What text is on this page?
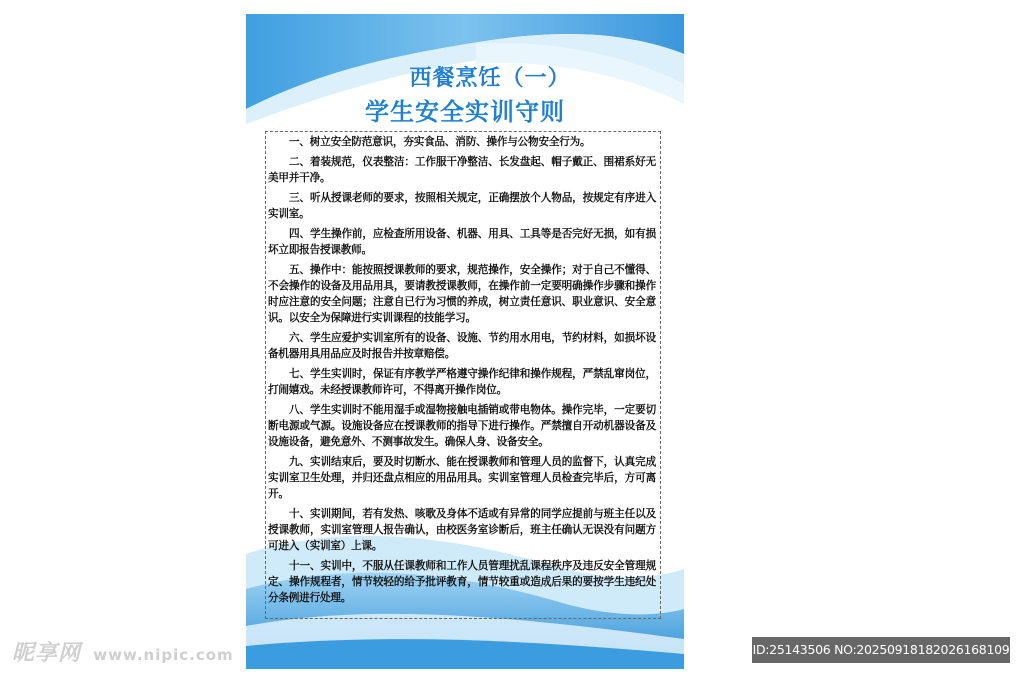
西餐烹饪（一）
学生安全实训守则

一、树立安全防范意识，夯实食品、消防、操作与公物安全行为。

二、着装规范，仪表整洁：工作服干净整洁、长发盘起、帽子戴正、围裙系好无美甲并干净。

三、听从授课老师的要求，按照相关规定，正确摆放个人物品，按规定有序进入实训室。

四、学生操作前，应检查所用设备、机器、用具、工具等是否完好无损，如有损坏立即报告授课教师。

五、操作中：能按照授课教师的要求，规范操作，安全操作；对于自己不懂得、不会操作的设备及用品用具，要请教授课教师，在操作前一定要明确操作步骤和操作时应注意的安全问题；注意自已行为习惯的养成，树立责任意识、职业意识、安全意识。以安全为保障进行实训课程的技能学习。

六、学生应爱护实训室所有的设备、设施、节约用水用电，节约材料，如损坏设备机器用具用品应及时报告并按章赔偿。

七、学生实训时，保证有序教学严格遵守操作纪律和操作规程，严禁乱窜岗位，打闹嬉戏。未经授课教师许可，不得离开操作岗位。

八、学生实训时不能用湿手或湿物接触电插销或带电物体。操作完毕，一定要切断电源或气源。设施设备应在授课教师的指导下进行操作。严禁擅自开动机器设备及设施设备，避免意外、不测事故发生。确保人身、设备安全。

九、实训结束后，要及时切断水、能在授课教师和管理人员的监督下，认真完成实训室卫生处理，并归还盘点相应的用品用具。实训室管理人员检查完毕后，方可离开。

十、实训期间，若有发热、咳歌及身体不适或有异常的同学应提前与班主任以及授课教师，实训室管理人报告确认，由校医务室诊断后，班主任确认无误没有问题方可进入（实训室）上课。

十一、实训中，不服从任课教师和工作人员管理扰乱课程秩序及违反安全管理规定、操作规程者，情节较轻的给予批评教育，情节较重或造成后果的要按学生违纪处分条例进行处理。

昵享网 www.nipic.com	ID:25143506 NO:20250918182026168109
